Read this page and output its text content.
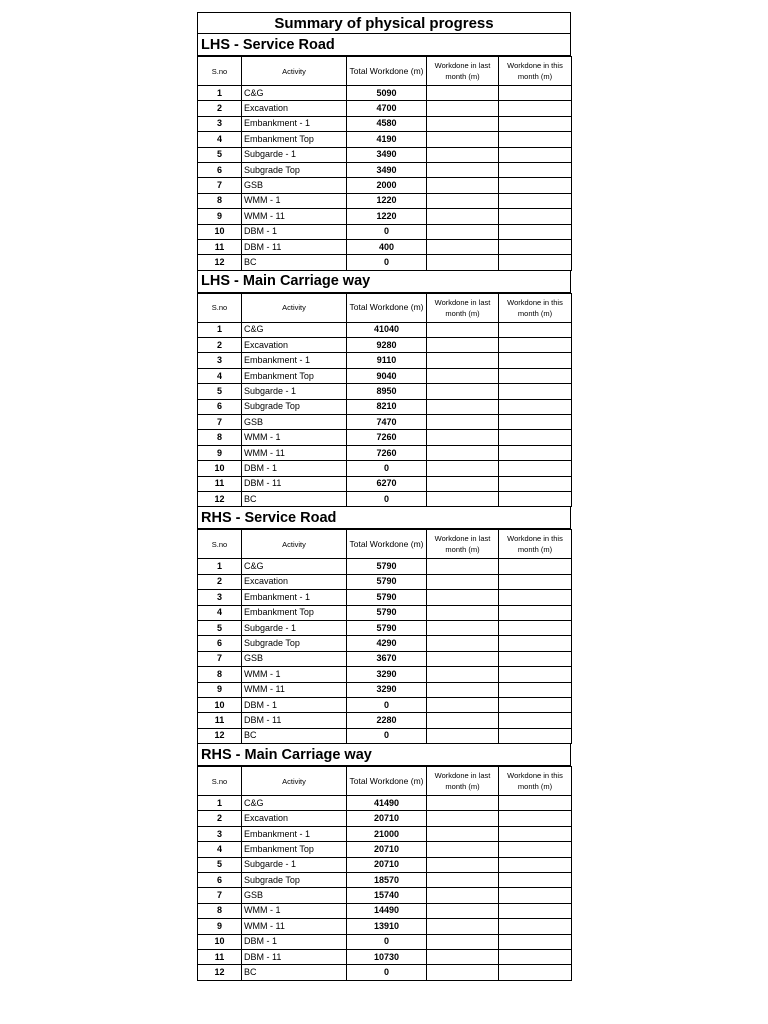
Summary of physical progress
LHS - Service Road
S.no	Activity	Total Workdone (m)	Workdone in last month (m)	Workdone in this month (m)
1	C&G	5090		
2	Excavation	4700		
3	Embankment - 1	4580		
4	Embankment Top	4190		
5	Subgarde - 1	3490		
6	Subgrade Top	3490		
7	GSB	2000		
8	WMM - 1	1220		
9	WMM - 11	1220		
10	DBM - 1	0		
11	DBM - 11	400		
12	BC	0		
LHS - Main Carriage way
S.no	Activity	Total Workdone (m)	Workdone in last month (m)	Workdone in this month (m)
1	C&G	41040		
2	Excavation	9280		
3	Embankment - 1	9110		
4	Embankment Top	9040		
5	Subgarde - 1	8950		
6	Subgrade Top	8210		
7	GSB	7470		
8	WMM - 1	7260		
9	WMM - 11	7260		
10	DBM - 1	0		
11	DBM - 11	6270		
12	BC	0		
RHS - Service Road
S.no	Activity	Total Workdone (m)	Workdone in last month (m)	Workdone in this month (m)
1	C&G	5790		
2	Excavation	5790		
3	Embankment - 1	5790		
4	Embankment Top	5790		
5	Subgarde - 1	5790		
6	Subgrade Top	4290		
7	GSB	3670		
8	WMM - 1	3290		
9	WMM - 11	3290		
10	DBM - 1	0		
11	DBM - 11	2280		
12	BC	0		
RHS - Main Carriage way
S.no	Activity	Total Workdone (m)	Workdone in last month (m)	Workdone in this month (m)
1	C&G	41490		
2	Excavation	20710		
3	Embankment - 1	21000		
4	Embankment Top	20710		
5	Subgarde - 1	20710		
6	Subgrade Top	18570		
7	GSB	15740		
8	WMM - 1	14490		
9	WMM - 11	13910		
10	DBM - 1	0		
11	DBM - 11	10730		
12	BC	0		
